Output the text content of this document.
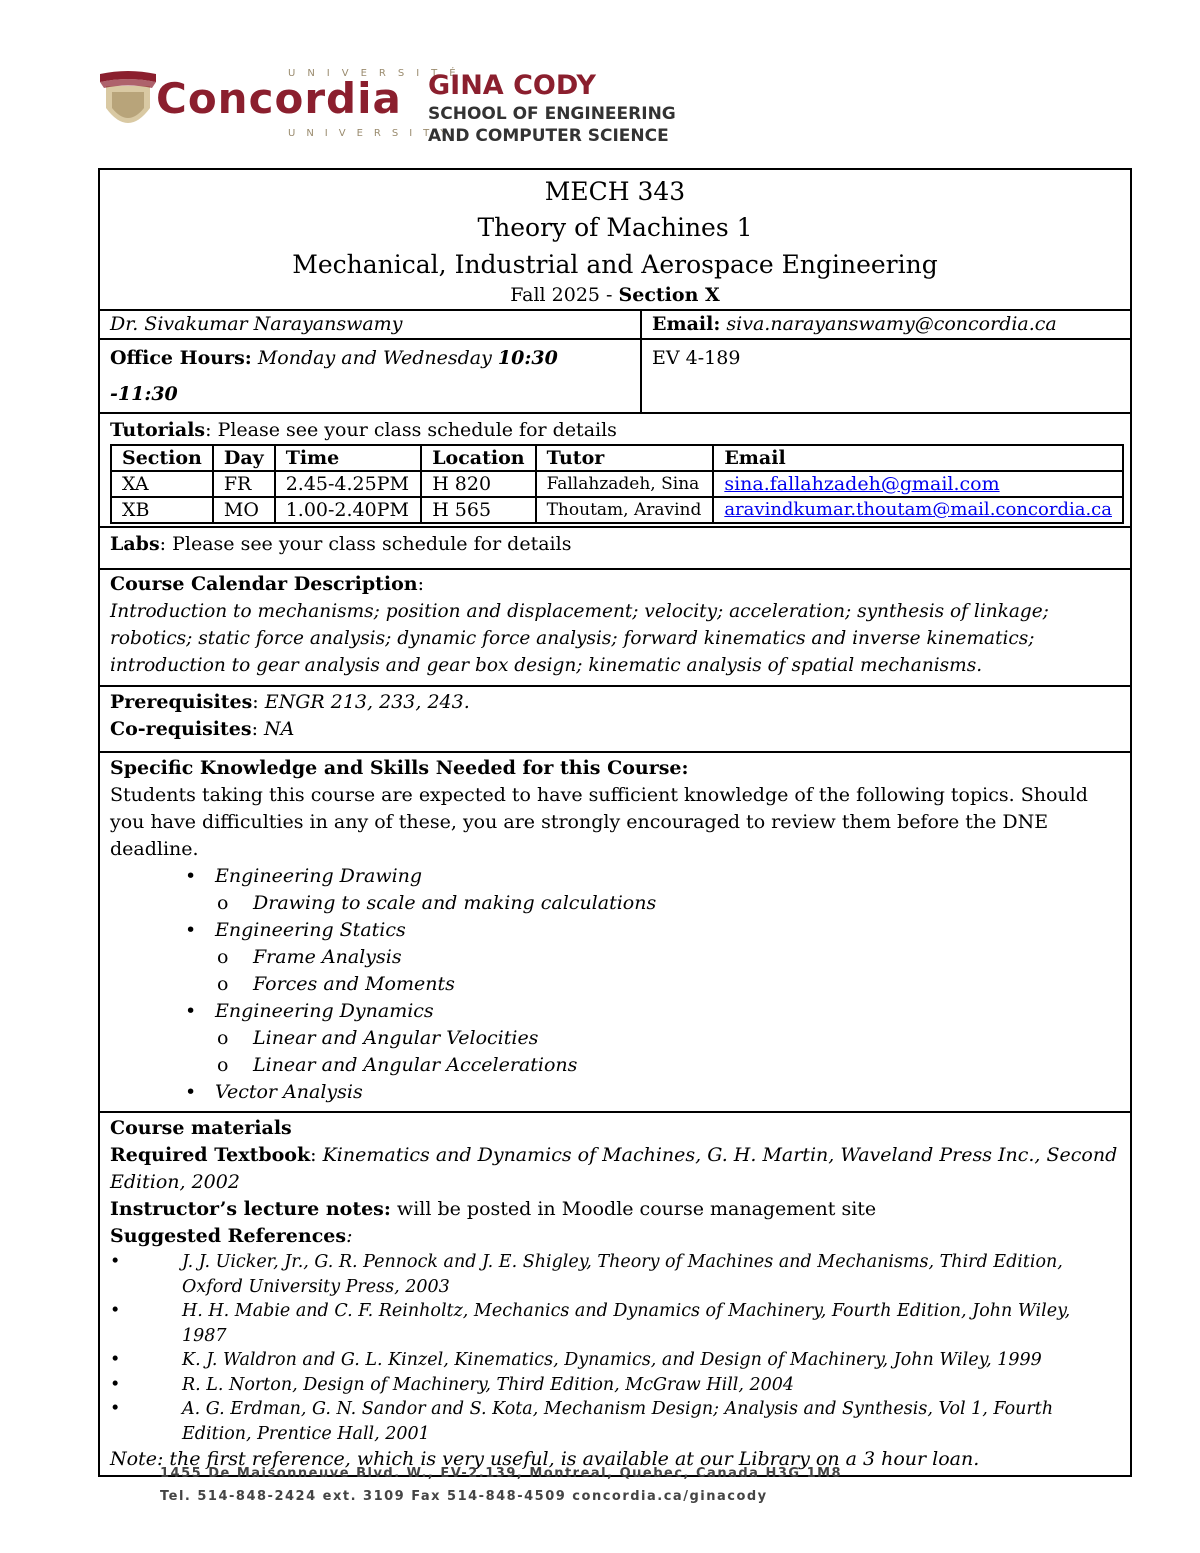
UNIVERSITÉ
Concordia
UNIVERSITY
GINA CODY
SCHOOL OF ENGINEERING
AND COMPUTER SCIENCE
MECH 343
Theory of Machines 1
Mechanical, Industrial and Aerospace Engineering
Fall 2025 - Section X
Dr. Sivakumar Narayanswamy	Email: siva.narayanswamy@concordia.ca
Office Hours: Monday and Wednesday 10:30 -11:30
EV 4-189
Tutorials: Please see your class schedule for details
Section	Day	Time	Location	Tutor	Email
XA	FR	2.45-4.25PM	H 820	Fallahzadeh, Sina	sina.fallahzadeh@gmail.com
XB	MO	1.00-2.40PM	H 565	Thoutam, Aravind	aravindkumar.thoutam@mail.concordia.ca
Labs: Please see your class schedule for details
Course Calendar Description:
Introduction to mechanisms; position and displacement; velocity; acceleration; synthesis of linkage; robotics; static force analysis; dynamic force analysis; forward kinematics and inverse kinematics; introduction to gear analysis and gear box design; kinematic analysis of spatial mechanisms.
Prerequisites: ENGR 213, 233, 243.
Co-requisites: NA
Specific Knowledge and Skills Needed for this Course:
Students taking this course are expected to have sufficient knowledge of the following topics. Should you have difficulties in any of these, you are strongly encouraged to review them before the DNE deadline.
• Engineering Drawing
o Drawing to scale and making calculations
• Engineering Statics
o Frame Analysis
o Forces and Moments
• Engineering Dynamics
o Linear and Angular Velocities
o Linear and Angular Accelerations
• Vector Analysis
Course materials
Required Textbook: Kinematics and Dynamics of Machines, G. H. Martin, Waveland Press Inc., Second Edition, 2002
Instructor’s lecture notes: will be posted in Moodle course management site
Suggested References:
• J. J. Uicker, Jr., G. R. Pennock and J. E. Shigley, Theory of Machines and Mechanisms, Third Edition, Oxford University Press, 2003
• H. H. Mabie and C. F. Reinholtz, Mechanics and Dynamics of Machinery, Fourth Edition, John Wiley, 1987
• K. J. Waldron and G. L. Kinzel, Kinematics, Dynamics, and Design of Machinery, John Wiley, 1999
• R. L. Norton, Design of Machinery, Third Edition, McGraw Hill, 2004
• A. G. Erdman, G. N. Sandor and S. Kota, Mechanism Design; Analysis and Synthesis, Vol 1, Fourth Edition, Prentice Hall, 2001
Note: the first reference, which is very useful, is available at our Library on a 3 hour loan.
1455 De Maisonneuve Blvd. W., EV-2.139, Montreal, Quebec, Canada H3G 1M8
Tel. 514-848-2424 ext. 3109 Fax 514-848-4509 concordia.ca/ginacody
